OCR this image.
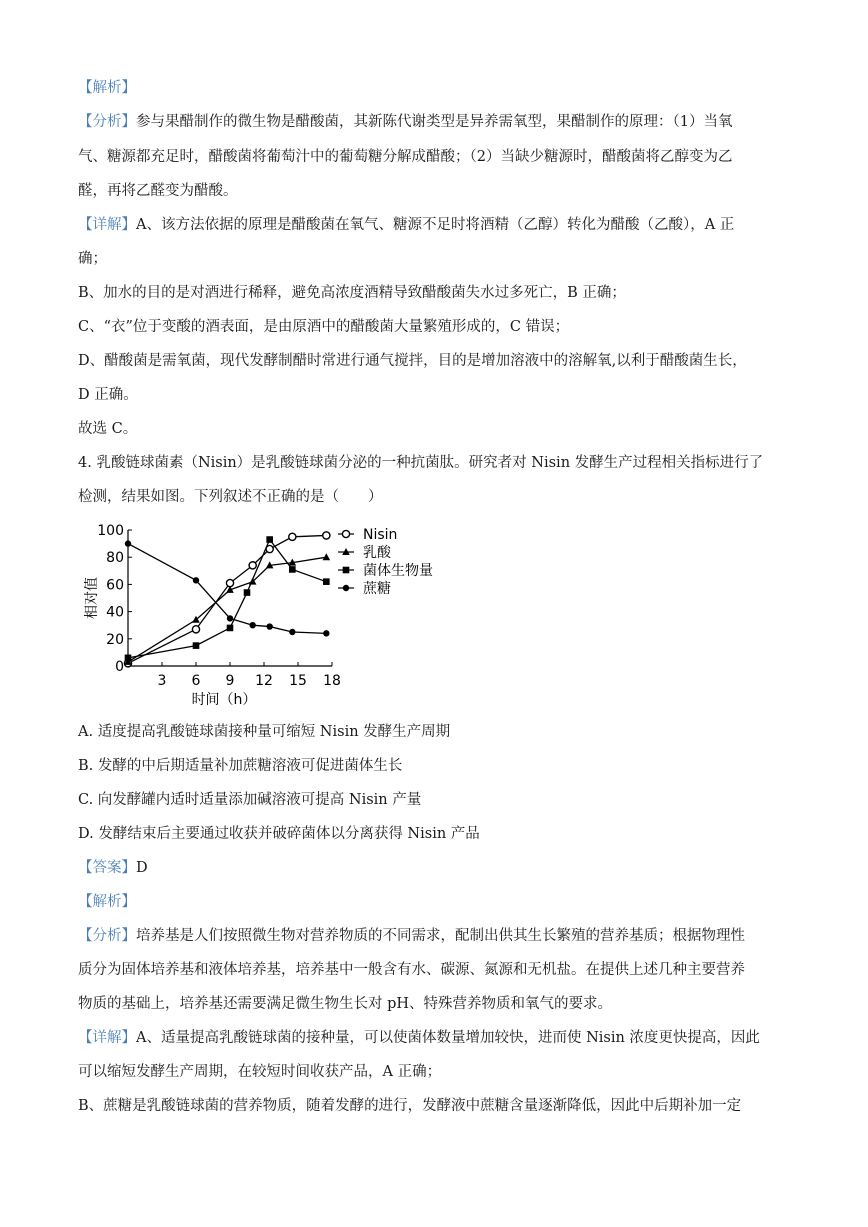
【解析】
【分析】参与果醋制作的微生物是醋酸菌，其新陈代谢类型是异养需氧型，果醋制作的原理：（1）当氧
气、糖源都充足时，醋酸菌将葡萄汁中的葡萄糖分解成醋酸；（2）当缺少糖源时，醋酸菌将乙醇变为乙
醛，再将乙醛变为醋酸。
【详解】A、该方法依据的原理是醋酸菌在氧气、糖源不足时将酒精（乙醇）转化为醋酸（乙酸），A 正
确；
B、加水的目的是对酒进行稀释，避免高浓度酒精导致醋酸菌失水过多死亡，B 正确；
C、“衣”位于变酸的酒表面，是由原酒中的醋酸菌大量繁殖形成的，C 错误；
D、醋酸菌是需氧菌，现代发酵制醋时常进行通气搅拌，目的是增加溶液中的溶解氧,以利于醋酸菌生长，
D 正确。
故选 C。
4. 乳酸链球菌素（Nisin）是乳酸链球菌分泌的一种抗菌肽。研究者对 Nisin 发酵生产过程相关指标进行了
检测，结果如图。下列叙述不正确的是（　　）
A. 适度提高乳酸链球菌接种量可缩短 Nisin 发酵生产周期
B. 发酵的中后期适量补加蔗糖溶液可促进菌体生长
C. 向发酵罐内适时适量添加碱溶液可提高 Nisin 产量
D. 发酵结束后主要通过收获并破碎菌体以分离获得 Nisin 产品
【答案】D
【解析】
【分析】培养基是人们按照微生物对营养物质的不同需求，配制出供其生长繁殖的营养基质；根据物理性
质分为固体培养基和液体培养基，培养基中一般含有水、碳源、氮源和无机盐。在提供上述几种主要营养
物质的基础上，培养基还需要满足微生物生长对 pH、特殊营养物质和氧气的要求。
【详解】A、适量提高乳酸链球菌的接种量，可以使菌体数量增加较快，进而使 Nisin 浓度更快提高，因此
可以缩短发酵生产周期，在较短时间收获产品，A 正确；
B、蔗糖是乳酸链球菌的营养物质，随着发酵的进行，发酵液中蔗糖含量逐渐降低，因此中后期补加一定
0
20
40
60
80
100
3 6 9 12 15 18
时间（h）
相对值
Nisin
乳酸
菌体生物量
蔗糖
